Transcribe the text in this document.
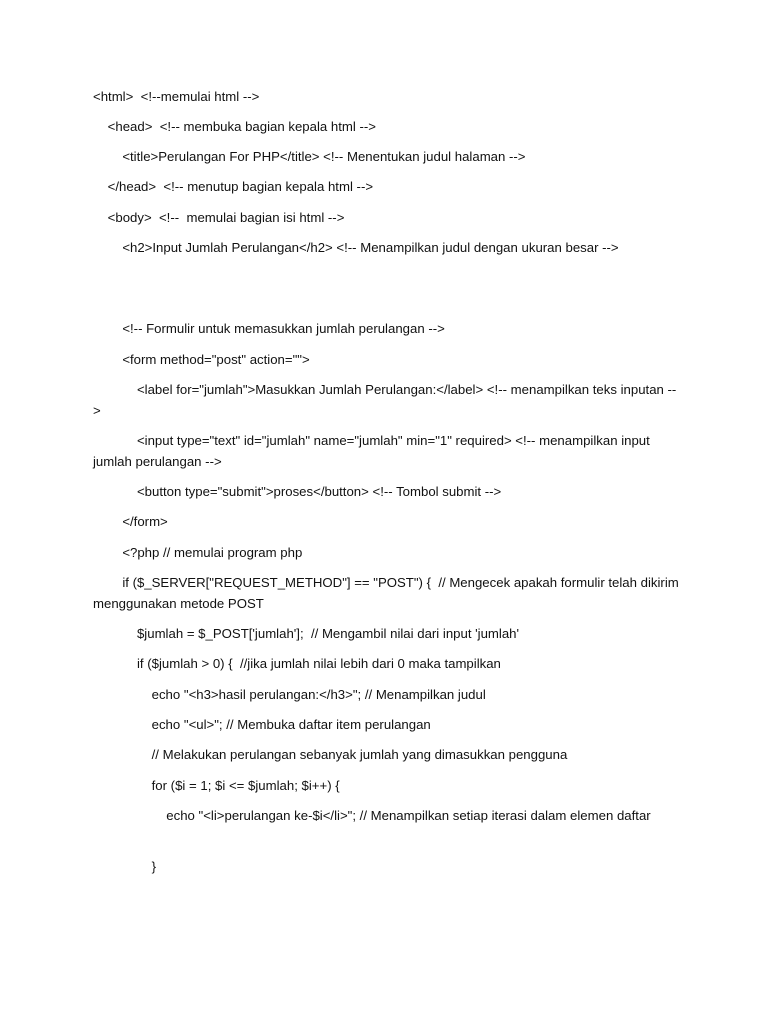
<html>  <!--memulai html -->
<head>  <!-- membuka bagian kepala html -->
<title>Perulangan For PHP</title> <!-- Menentukan judul halaman -->
</head>  <!-- menutup bagian kepala html -->
<body>  <!--  memulai bagian isi html -->
<h2>Input Jumlah Perulangan</h2> <!-- Menampilkan judul dengan ukuran besar -->
<!-- Formulir untuk memasukkan jumlah perulangan -->
<form method="post" action="">
<label for="jumlah">Masukkan Jumlah Perulangan:</label> <!-- menampilkan teks inputan -->
<input type="text" id="jumlah" name="jumlah" min="1" required> <!-- menampilkan input jumlah perulangan -->
<button type="submit">proses</button> <!-- Tombol submit -->
</form>
<?php // memulai program php
if ($_SERVER["REQUEST_METHOD"] == "POST") {  // Mengecek apakah formulir telah dikirim menggunakan metode POST
$jumlah = $_POST['jumlah'];  // Mengambil nilai dari input 'jumlah'
if ($jumlah > 0) {  //jika jumlah nilai lebih dari 0 maka tampilkan
echo "<h3>hasil perulangan:</h3>"; // Menampilkan judul
echo "<ul>"; // Membuka daftar item perulangan
// Melakukan perulangan sebanyak jumlah yang dimasukkan pengguna
for ($i = 1; $i <= $jumlah; $i++) {
echo "<li>perulangan ke-$i</li>"; // Menampilkan setiap iterasi dalam elemen daftar
}
